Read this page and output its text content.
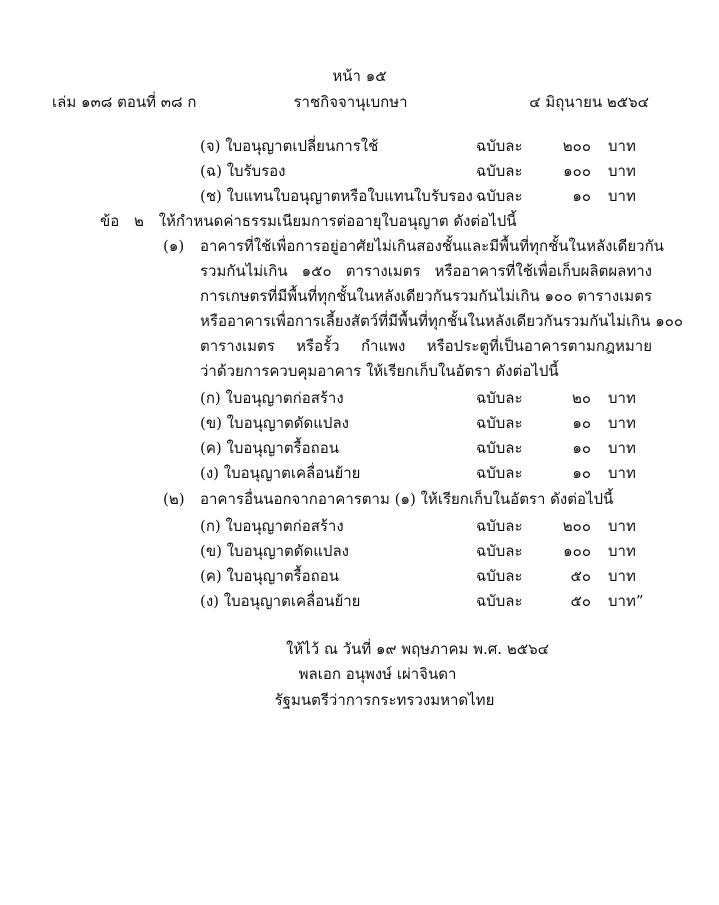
หน้า ๑๕
เล่ม ๑๓๘ ตอนที่ ๓๘ ก	ราชกิจจานุเบกษา	๔ มิถุนายน ๒๕๖๔
(จ) ใบอนุญาตเปลี่ยนการใช้	ฉบับละ	๒๐๐ บาท
(ฉ) ใบรับรอง	ฉบับละ	๑๐๐ บาท
(ช) ใบแทนใบอนุญาตหรือใบแทนใบรับรอง ฉบับละ	๑๐ บาท
ข้อ ๒ ให้กำหนดค่าธรรมเนียมการต่ออายุใบอนุญาต ดังต่อไปนี้
(๑)	อาคารที่ใช้เพื่อการอยู่อาศัยไม่เกินสองชั้นและมีพื้นที่ทุกชั้นในหลังเดียวกัน
รวมกันไม่เกิน ๑๕๐ ตารางเมตร หรืออาคารที่ใช้เพื่อเก็บผลิตผลทาง
การเกษตรที่มีพื้นที่ทุกชั้นในหลังเดียวกันรวมกันไม่เกิน ๑๐๐ ตารางเมตร
หรืออาคารเพื่อการเลี้ยงสัตว์ที่มีพื้นที่ทุกชั้นในหลังเดียวกันรวมกันไม่เกิน ๑๐๐
ตารางเมตร หรือรั้ว กำแพง หรือประตูที่เป็นอาคารตามกฎหมาย
ว่าด้วยการควบคุมอาคาร ให้เรียกเก็บในอัตรา ดังต่อไปนี้
(ก) ใบอนุญาตก่อสร้าง	ฉบับละ	๒๐ บาท
(ข) ใบอนุญาตดัดแปลง	ฉบับละ	๑๐ บาท
(ค) ใบอนุญาตรื้อถอน	ฉบับละ	๑๐ บาท
(ง) ใบอนุญาตเคลื่อนย้าย	ฉบับละ	๑๐ บาท
(๒)	อาคารอื่นนอกจากอาคารตาม (๑) ให้เรียกเก็บในอัตรา ดังต่อไปนี้
(ก) ใบอนุญาตก่อสร้าง	ฉบับละ	๒๐๐ บาท
(ข) ใบอนุญาตดัดแปลง	ฉบับละ	๑๐๐ บาท
(ค) ใบอนุญาตรื้อถอน	ฉบับละ	๕๐ บาท
(ง) ใบอนุญาตเคลื่อนย้าย	ฉบับละ	๕๐ บาท”
ให้ไว้ ณ วันที่ ๑๙ พฤษภาคม พ.ศ. ๒๕๖๔
พลเอก อนุพงษ์ เผ่าจินดา
รัฐมนตรีว่าการกระทรวงมหาดไทย
